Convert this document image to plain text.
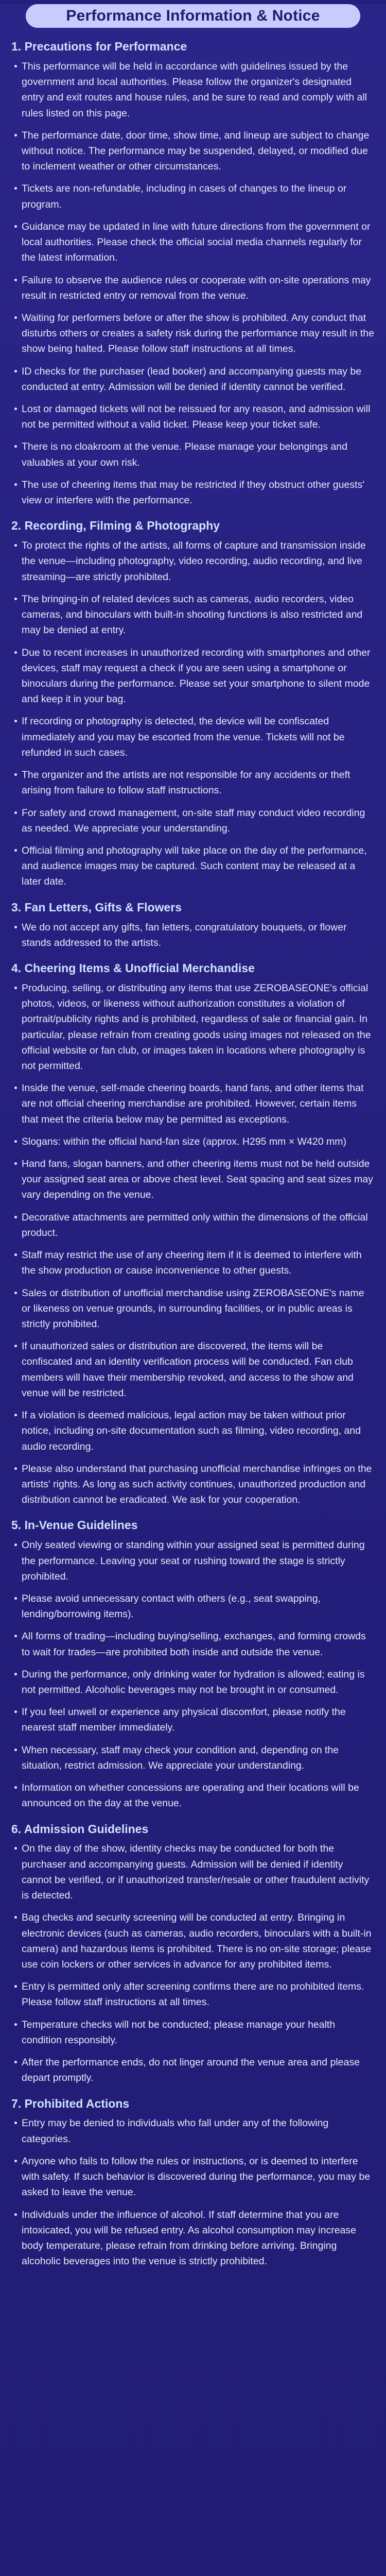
Performance Information & Notice
1. Precautions for Performance
This performance will be held in accordance with guidelines issued by the government and local authorities. Please follow the organizer's designated entry and exit routes and house rules, and be sure to read and comply with all rules listed on this page.
The performance date, door time, show time, and lineup are subject to change without notice. The performance may be suspended, delayed, or modified due to inclement weather or other circumstances.
Tickets are non-refundable, including in cases of changes to the lineup or program.
Guidance may be updated in line with future directions from the government or local authorities. Please check the official social media channels regularly for the latest information.
Failure to observe the audience rules or cooperate with on-site operations may result in restricted entry or removal from the venue.
Waiting for performers before or after the show is prohibited. Any conduct that disturbs others or creates a safety risk during the performance may result in the show being halted. Please follow staff instructions at all times.
ID checks for the purchaser (lead booker) and accompanying guests may be conducted at entry. Admission will be denied if identity cannot be verified.
Lost or damaged tickets will not be reissued for any reason, and admission will not be permitted without a valid ticket. Please keep your ticket safe.
There is no cloakroom at the venue. Please manage your belongings and valuables at your own risk.
The use of cheering items that may be restricted if they obstruct other guests' view or interfere with the performance.
2. Recording, Filming & Photography
To protect the rights of the artists, all forms of capture and transmission inside the venue—including photography, video recording, audio recording, and live streaming—are strictly prohibited.
The bringing-in of related devices such as cameras, audio recorders, video cameras, and binoculars with built-in shooting functions is also restricted and may be denied at entry.
Due to recent increases in unauthorized recording with smartphones and other devices, staff may request a check if you are seen using a smartphone or binoculars during the performance. Please set your smartphone to silent mode and keep it in your bag.
If recording or photography is detected, the device will be confiscated immediately and you may be escorted from the venue. Tickets will not be refunded in such cases.
The organizer and the artists are not responsible for any accidents or theft arising from failure to follow staff instructions.
For safety and crowd management, on-site staff may conduct video recording as needed. We appreciate your understanding.
Official filming and photography will take place on the day of the performance, and audience images may be captured. Such content may be released at a later date.
3. Fan Letters, Gifts & Flowers
We do not accept any gifts, fan letters, congratulatory bouquets, or flower stands addressed to the artists.
4. Cheering Items & Unofficial Merchandise
Producing, selling, or distributing any items that use ZEROBASEONE's official photos, videos, or likeness without authorization constitutes a violation of portrait/publicity rights and is prohibited, regardless of sale or financial gain. In particular, please refrain from creating goods using images not released on the official website or fan club, or images taken in locations where photography is not permitted.
Inside the venue, self-made cheering boards, hand fans, and other items that are not official cheering merchandise are prohibited. However, certain items that meet the criteria below may be permitted as exceptions.
Slogans: within the official hand-fan size (approx. H295 mm × W420 mm)
Hand fans, slogan banners, and other cheering items must not be held outside your assigned seat area or above chest level. Seat spacing and seat sizes may vary depending on the venue.
Decorative attachments are permitted only within the dimensions of the official product.
Staff may restrict the use of any cheering item if it is deemed to interfere with the show production or cause inconvenience to other guests.
Sales or distribution of unofficial merchandise using ZEROBASEONE's name or likeness on venue grounds, in surrounding facilities, or in public areas is strictly prohibited.
If unauthorized sales or distribution are discovered, the items will be confiscated and an identity verification process will be conducted. Fan club members will have their membership revoked, and access to the show and venue will be restricted.
If a violation is deemed malicious, legal action may be taken without prior notice, including on-site documentation such as filming, video recording, and audio recording.
Please also understand that purchasing unofficial merchandise infringes on the artists' rights. As long as such activity continues, unauthorized production and distribution cannot be eradicated. We ask for your cooperation.
5. In-Venue Guidelines
Only seated viewing or standing within your assigned seat is permitted during the performance. Leaving your seat or rushing toward the stage is strictly prohibited.
Please avoid unnecessary contact with others (e.g., seat swapping, lending/borrowing items).
All forms of trading—including buying/selling, exchanges, and forming crowds to wait for trades—are prohibited both inside and outside the venue.
During the performance, only drinking water for hydration is allowed; eating is not permitted. Alcoholic beverages may not be brought in or consumed.
If you feel unwell or experience any physical discomfort, please notify the nearest staff member immediately.
When necessary, staff may check your condition and, depending on the situation, restrict admission. We appreciate your understanding.
Information on whether concessions are operating and their locations will be announced on the day at the venue.
6. Admission Guidelines
On the day of the show, identity checks may be conducted for both the purchaser and accompanying guests. Admission will be denied if identity cannot be verified, or if unauthorized transfer/resale or other fraudulent activity is detected.
Bag checks and security screening will be conducted at entry. Bringing in electronic devices (such as cameras, audio recorders, binoculars with a built-in camera) and hazardous items is prohibited. There is no on-site storage; please use coin lockers or other services in advance for any prohibited items.
Entry is permitted only after screening confirms there are no prohibited items. Please follow staff instructions at all times.
Temperature checks will not be conducted; please manage your health condition responsibly.
After the performance ends, do not linger around the venue area and please depart promptly.
7. Prohibited Actions
Entry may be denied to individuals who fall under any of the following categories.
Anyone who fails to follow the rules or instructions, or is deemed to interfere with safety. If such behavior is discovered during the performance, you may be asked to leave the venue.
Individuals under the influence of alcohol. If staff determine that you are intoxicated, you will be refused entry. As alcohol consumption may increase body temperature, please refrain from drinking before arriving. Bringing alcoholic beverages into the venue is strictly prohibited.
